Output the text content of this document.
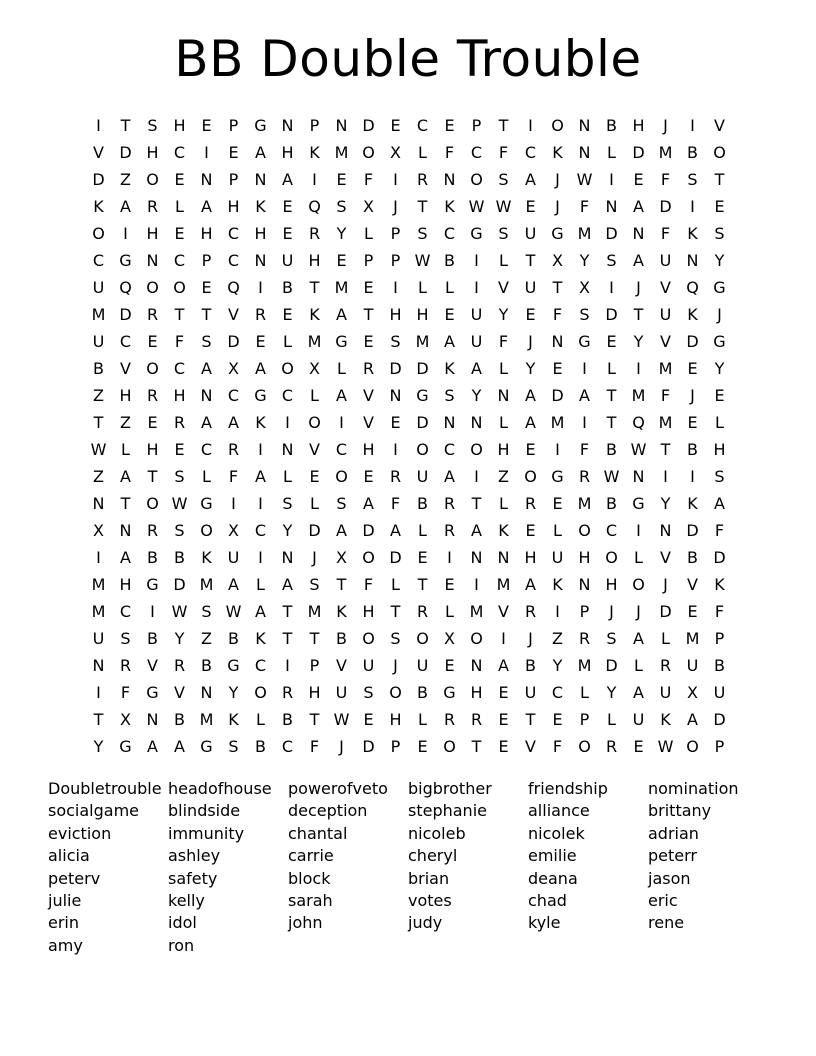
BB Double Trouble
I	T	S H E	P G N	P	N D E	C	E	P	T	I	O N B H	J	I	V
V D H C	I	E	A H K M O X	L	F	C	F	C	K N	L	D M B O
D Z O E N	P	N A	I	E	F	I	R N O S	A	J	W	I	E	F	S	T
K	A R	L	A H K	E Q S	X	J	T	K W W E	J	F	N A D	I	E
O	I	H E H C H E	R	Y	L	P	S	C G S	U G M D N	F	K	S
C G N C	P	C N U H E	P	P W B	I	L	T	X	Y	S	A U N	Y
U Q O O E Q	I	B	T M E	I	L	L	I	V U	T	X	I	J	V Q G
M D R	T	T	V R	E	K	A	T	H H E	U	Y	E	F	S D T	U K	J
U C	E	F	S D E	L M G E	S M A U	F	J	N G E	Y	V D G
B	V O C A	X	A O X	L	R D D K	A	L	Y	E	I	L	I	M E	Y
Z H R H N C G C	L	A	V N G S	Y	N A D A	T M F	J	E
T	Z	E	R A	A	K	I	O	I	V	E D N N	L	A M	I	T Q M E	L
W L	H E	C R	I	N V C H	I	O C O H E	I	F	B W T	B H
Z	A	T	S	L	F	A	L	E O E	R U A	I	Z O G R W N	I	I	S
N	T O W G	I	I	S	L	S	A	F	B R	T	L	R	E M B G Y	K	A
X N R	S O X C	Y D A D A	L	R A	K	E	L	O C	I	N D	F
I	A	B	B	K U	I	N	J	X O D E	I	N N H U H O	L	V	B D
M H G D M A	L	A	S	T	F	L	T	E	I	M A	K N H O	J	V	K
M C	I	W S W A	T M K H	T	R	L M V R	I	P	J	J	D E	F
U	S	B	Y	Z	B	K	T	T	B O S O X O	I	J	Z R	S	A	L M P
N R V R B G C	I	P	V U	J	U	E N A	B	Y M D	L	R U B
I	F	G V N	Y O R H U	S O B G H E	U C	L	Y	A U X U
T	X N B M K	L	B	T W E H	L	R R	E	T	E	P	L	U K	A D
Y G A	A G S	B C	F	J	D	P	E O T	E	V	F	O R	E W O P
Doubletrouble headofhouse	powerofveto	bigbrother	friendship	nomination
socialgame	blindside	deception	stephanie	alliance	brittany
eviction	immunity	chantal	nicoleb	nicolek	adrian
alicia	ashley	carrie	cheryl	emilie	peterr
peterv	safety	block	brian	deana	jason
julie	kelly	sarah	votes	chad	eric
erin	idol	john	judy	kyle	rene
amy	ron
